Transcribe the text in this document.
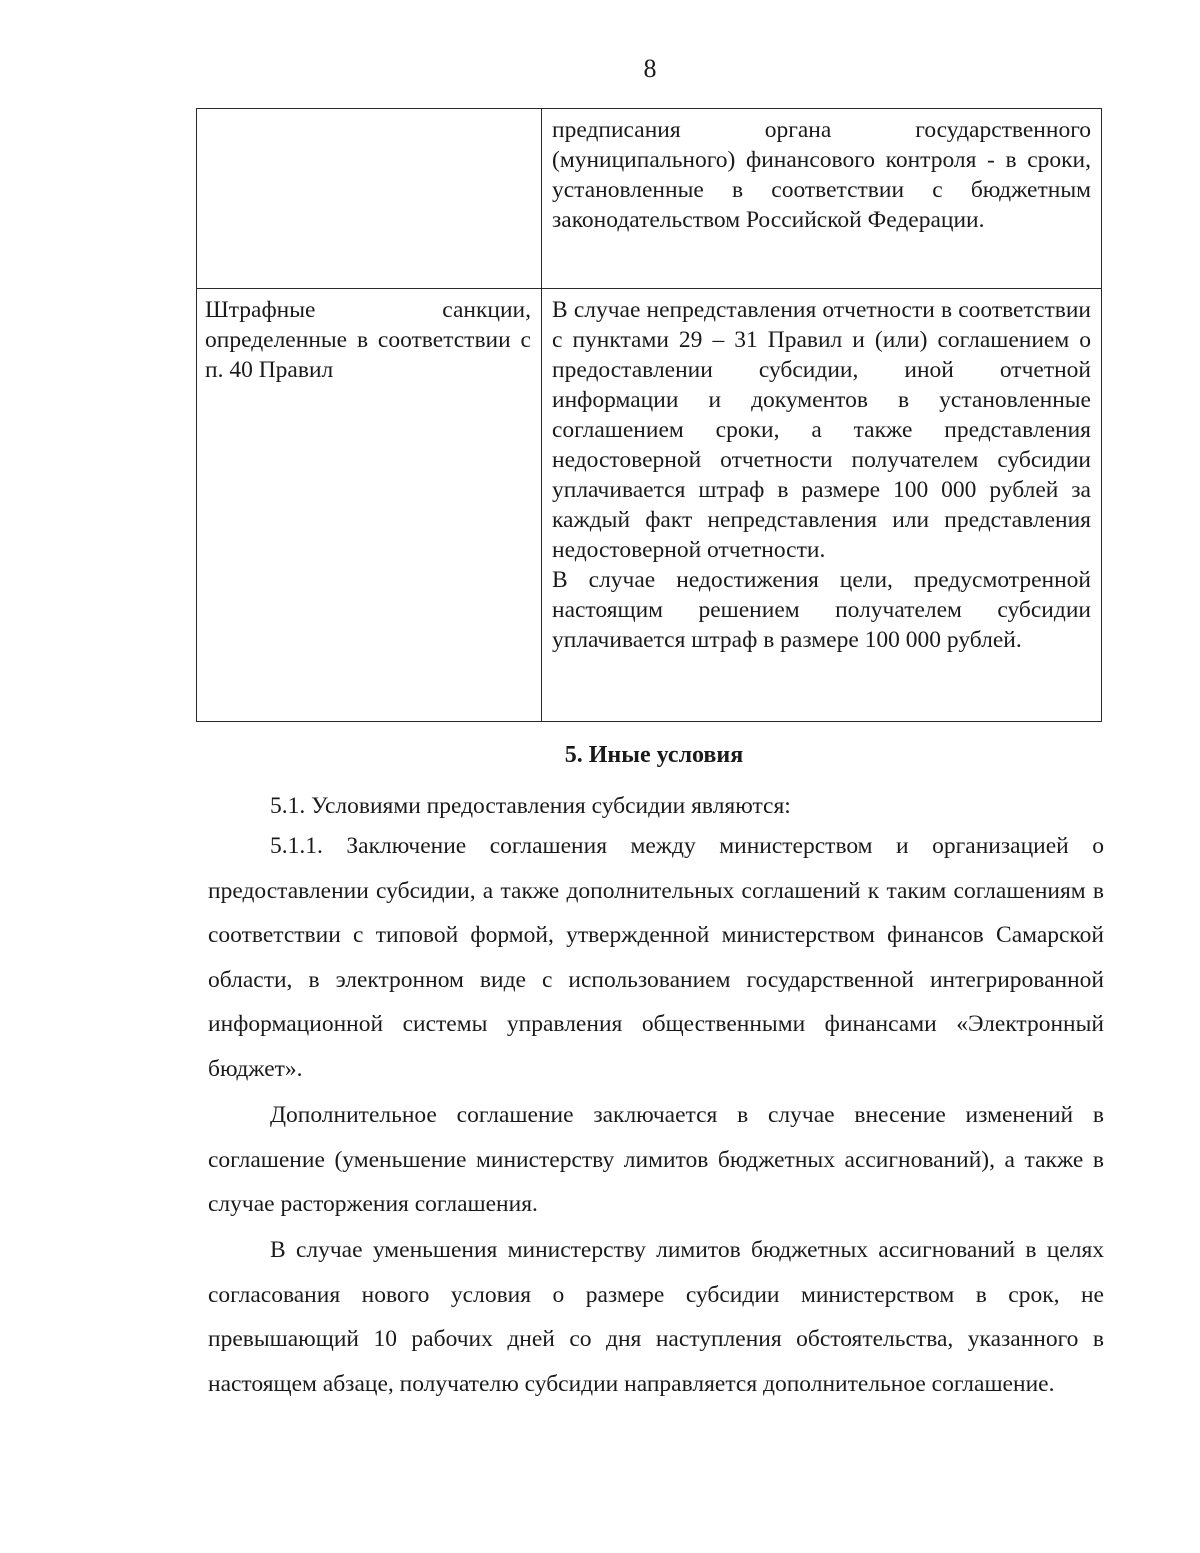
8

	предписания органа государственного (муниципального) финансового контроля - в сроки, установленные в соответствии с бюджетным законодательством Российской Федерации.

Штрафные санкции, определенные в соответствии с п. 40 Правил	В случае непредставления отчетности в соответствии с пунктами 29 – 31 Правил и (или) соглашением о предоставлении субсидии, иной отчетной информации и документов в установленные соглашением сроки, а также представления недостоверной отчетности получателем субсидии уплачивается штраф в размере 100 000 рублей за каждый факт непредставления или представления недостоверной отчетности.

В случае недостижения цели, предусмотренной настоящим решением получателем субсидии уплачивается штраф в размере 100 000 рублей.

5. Иные условия

5.1. Условиями предоставления субсидии являются:

5.1.1. Заключение соглашения между министерством и организацией о предоставлении субсидии, а также дополнительных соглашений к таким соглашениям в соответствии с типовой формой, утвержденной министерством финансов Самарской области, в электронном виде с использованием государственной интегрированной информационной системы управления общественными финансами «Электронный бюджет».

Дополнительное соглашение заключается в случае внесение изменений в соглашение (уменьшение министерству лимитов бюджетных ассигнований), а также в случае расторжения соглашения.

В случае уменьшения министерству лимитов бюджетных ассигнований в целях согласования нового условия о размере субсидии министерством в срок, не превышающий 10 рабочих дней со дня наступления обстоятельства, указанного в настоящем абзаце, получателю субсидии направляется дополнительное соглашение.
